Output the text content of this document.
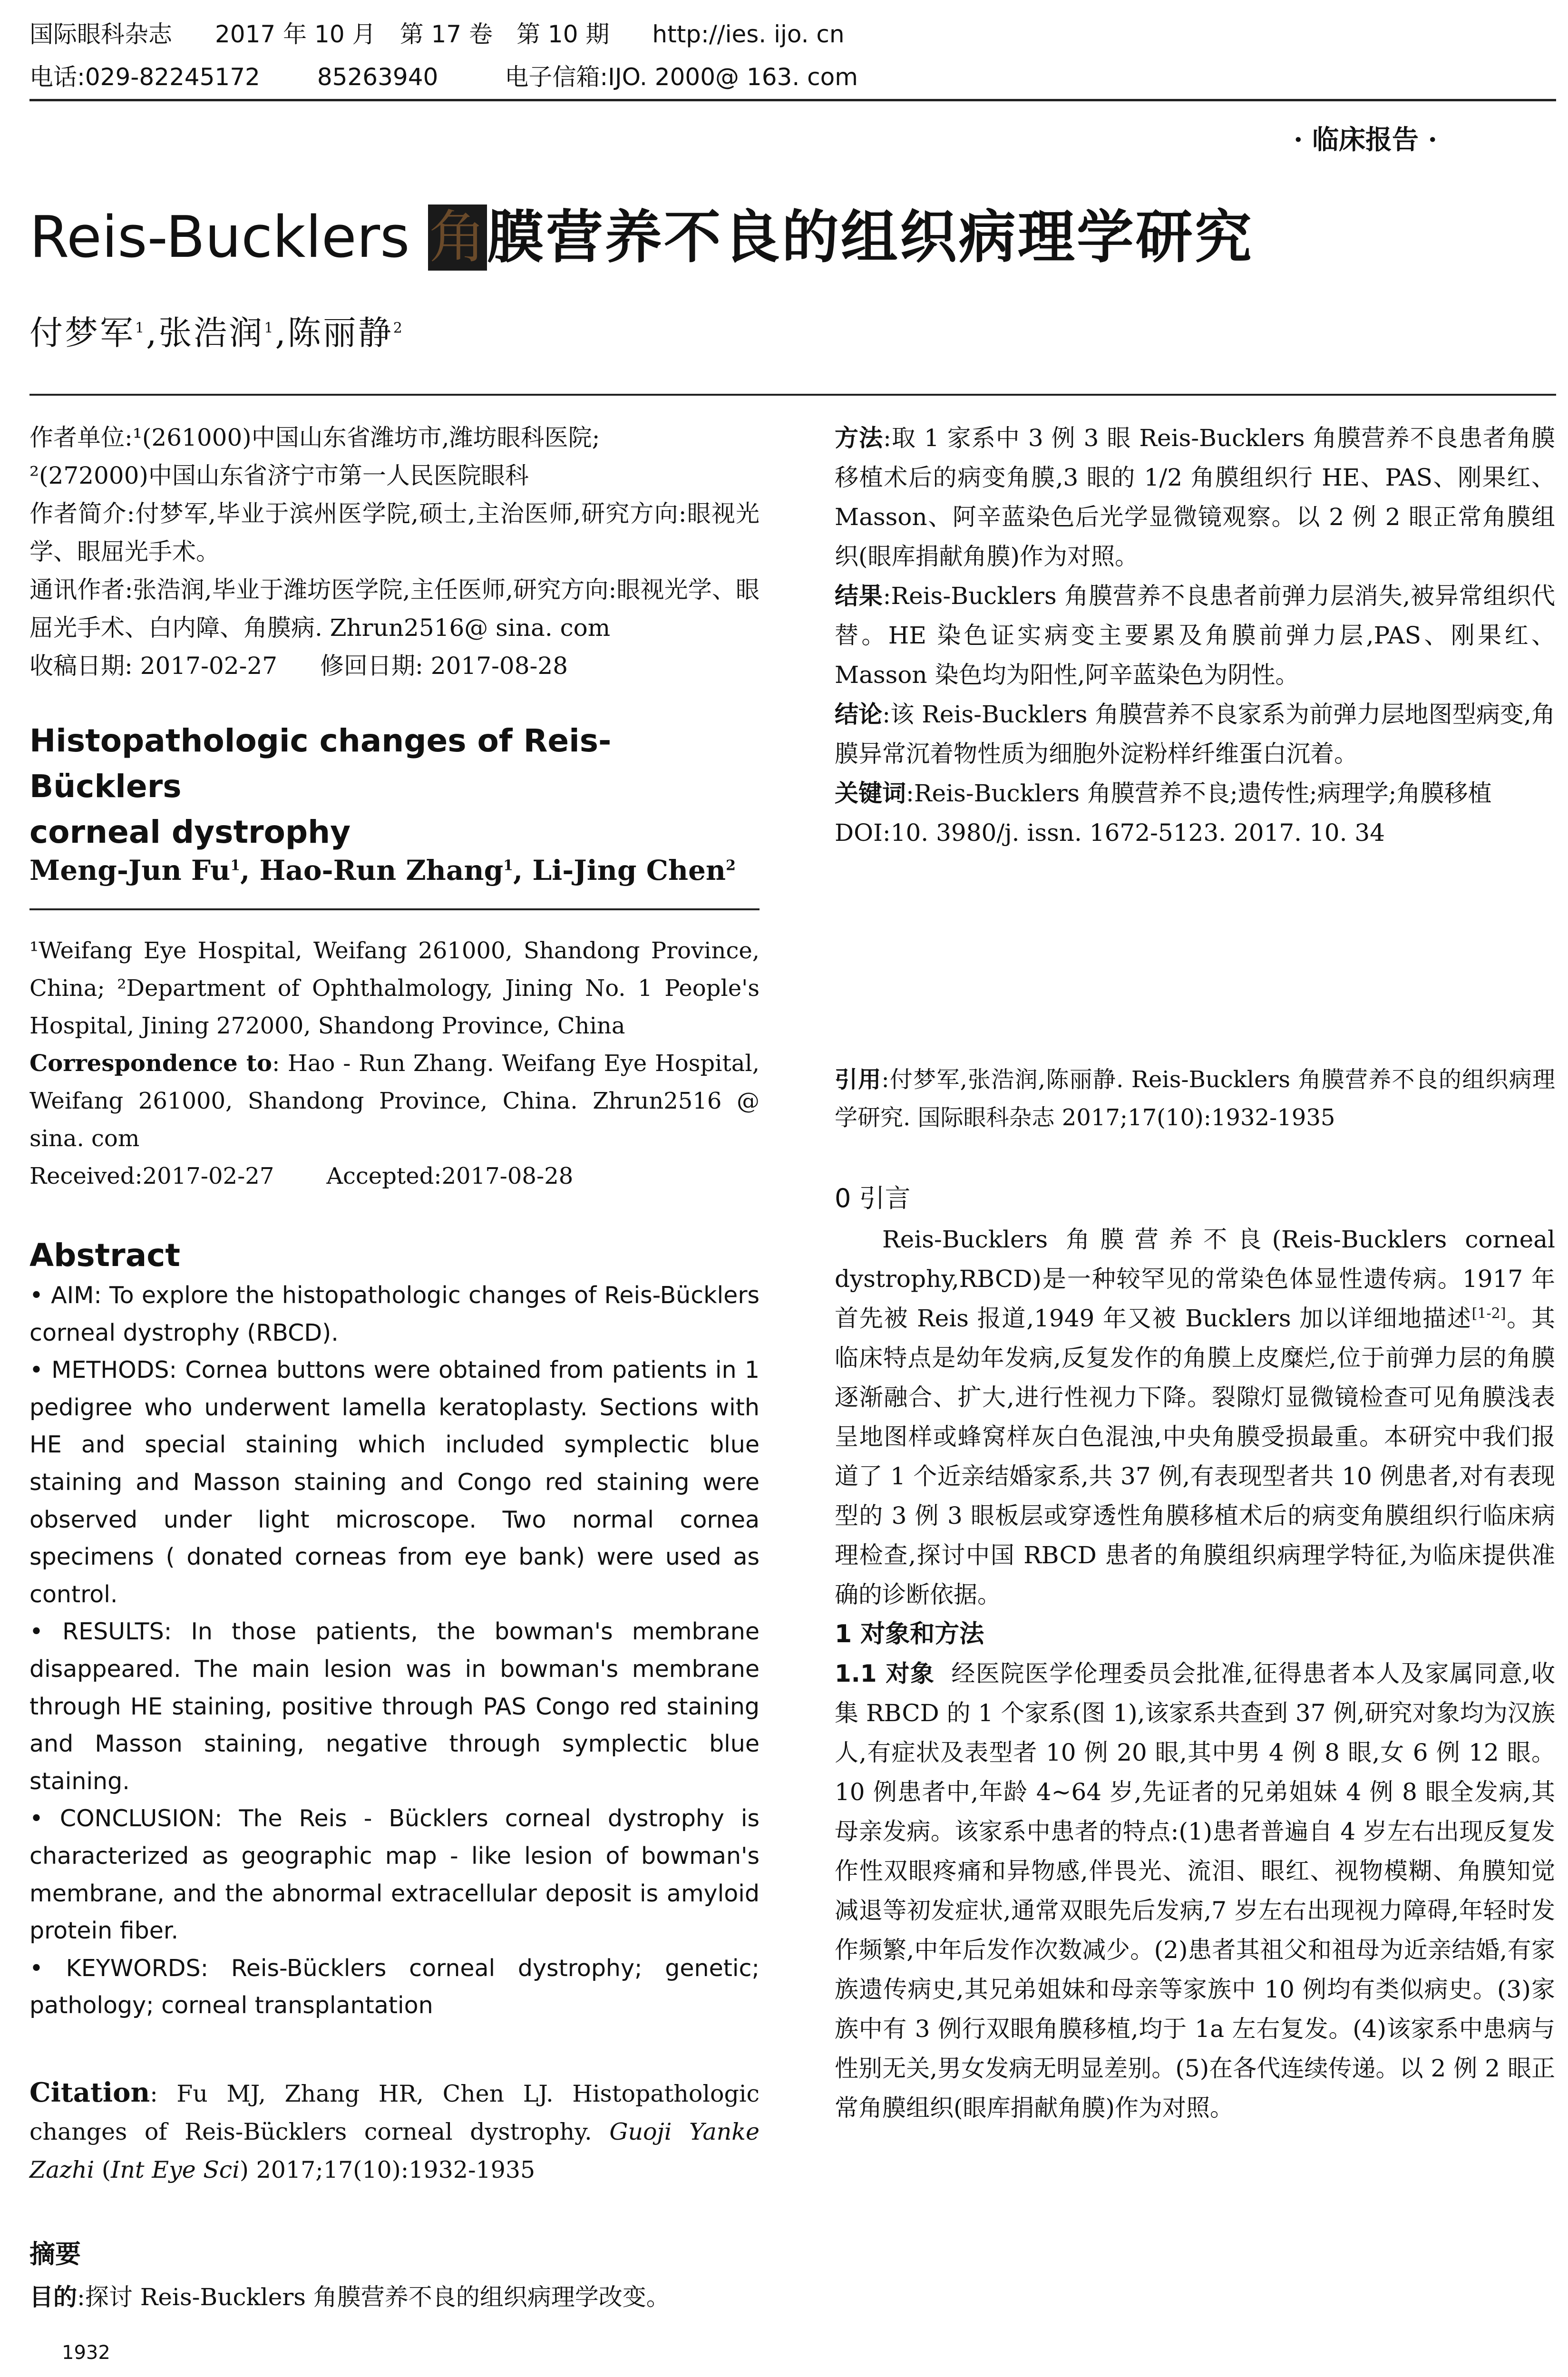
国际眼科杂志 2017 年 10 月 第 17 卷 第 10 期 http://ies. ijo. cn
电话:029-82245172 85263940	电子信箱:IJO. 2000@ 163. com
· 临床报告 ·
Reis-Bucklers 角膜营养不良的组织病理学研究
付梦军$^1$,张浩润$^1$,陈丽静$^2$

作者单位:¹(261000)中国山东省潍坊市,潍坊眼科医院;

²(272000)中国山东省济宁市第一人民医院眼科

作者简介:付梦军,毕业于滨州医学院,硕士,主治医师,研究方向:眼视光学、眼屈光手术。

通讯作者:张浩润,毕业于潍坊医学院,主任医师,研究方向:眼视光学、眼屈光手术、白内障、角膜病. Zhrun2516@ sina. com

收稿日期: 2017-02-27 修回日期: 2017-08-28

Histopathologic changes of Reis-Bücklers
corneal dystrophy
Meng-Jun Fu$^1$, Hao-Run Zhang$^1$, Li-Jing Chen$^2$

¹Weifang Eye Hospital, Weifang 261000, Shandong Province, China; ²Department of Ophthalmology, Jining No. 1 People's Hospital, Jining 272000, Shandong Province, China

Correspondence to: Hao - Run Zhang. Weifang Eye Hospital, Weifang 261000, Shandong Province, China. Zhrun2516 @ sina. com

Received:2017-02-27 Accepted:2017-08-28

Abstract

• AIM: To explore the histopathologic changes of Reis-Bücklers corneal dystrophy (RBCD).

• METHODS: Cornea buttons were obtained from patients in 1 pedigree who underwent lamella keratoplasty. Sections with HE and special staining which included symplectic blue staining and Masson staining and Congo red staining were observed under light microscope. Two normal cornea specimens ( donated corneas from eye bank) were used as control.

• RESULTS: In those patients, the bowman's membrane disappeared. The main lesion was in bowman's membrane through HE staining, positive through PAS Congo red staining and Masson staining, negative through symplectic blue staining.

• CONCLUSION: The Reis - Bücklers corneal dystrophy is characterized as geographic map - like lesion of bowman's membrane, and the abnormal extracellular deposit is amyloid protein fiber.

• KEYWORDS: Reis-Bücklers corneal dystrophy; genetic; pathology; corneal transplantation

Citation: Fu MJ, Zhang HR, Chen LJ. Histopathologic changes of Reis-Bücklers corneal dystrophy. Guoji Yanke Zazhi (Int Eye Sci) 2017;17(10):1932-1935

摘要
目的:探讨 Reis-Bucklers 角膜营养不良的组织病理学改变。
1932

方法:取 1 家系中 3 例 3 眼 Reis-Bucklers 角膜营养不良患者角膜移植术后的病变角膜,3 眼的 1/2 角膜组织行 HE、PAS、刚果红、Masson、阿辛蓝染色后光学显微镜观察。以 2 例 2 眼正常角膜组织(眼库捐献角膜)作为对照。

结果:Reis-Bucklers 角膜营养不良患者前弹力层消失,被异常组织代替。HE 染色证实病变主要累及角膜前弹力层,PAS、刚果红、Masson 染色均为阳性,阿辛蓝染色为阴性。

结论:该 Reis-Bucklers 角膜营养不良家系为前弹力层地图型病变,角膜异常沉着物性质为细胞外淀粉样纤维蛋白沉着。

关键词:Reis-Bucklers 角膜营养不良;遗传性;病理学;角膜移植

DOI:10. 3980/j. issn. 1672-5123. 2017. 10. 34

引用:付梦军,张浩润,陈丽静. Reis-Bucklers 角膜营养不良的组织病理学研究. 国际眼科杂志 2017;17(10):1932-1935

0 引言

Reis-Bucklers 角膜营养不良(Reis-Bucklers corneal dystrophy,RBCD)是一种较罕见的常染色体显性遗传病。1917 年首先被 Reis 报道,1949 年又被 Bucklers 加以详细地描述[1-2]。其临床特点是幼年发病,反复发作的角膜上皮糜烂,位于前弹力层的角膜逐渐融合、扩大,进行性视力下降。裂隙灯显微镜检查可见角膜浅表呈地图样或蜂窝样灰白色混浊,中央角膜受损最重。本研究中我们报道了 1 个近亲结婚家系,共 37 例,有表现型者共 10 例患者,对有表现型的 3 例 3 眼板层或穿透性角膜移植术后的病变角膜组织行临床病理检查,探讨中国 RBCD 患者的角膜组织病理学特征,为临床提供准确的诊断依据。

1 对象和方法

1.1 对象 经医院医学伦理委员会批准,征得患者本人及家属同意,收集 RBCD 的 1 个家系(图 1),该家系共查到 37 例,研究对象均为汉族人,有症状及表型者 10 例 20 眼,其中男 4 例 8 眼,女 6 例 12 眼。10 例患者中,年龄 4~64 岁,先证者的兄弟姐妹 4 例 8 眼全发病,其母亲发病。该家系中患者的特点:(1)患者普遍自 4 岁左右出现反复发作性双眼疼痛和异物感,伴畏光、流泪、眼红、视物模糊、角膜知觉减退等初发症状,通常双眼先后发病,7 岁左右出现视力障碍,年轻时发作频繁,中年后发作次数减少。(2)患者其祖父和祖母为近亲结婚,有家族遗传病史,其兄弟姐妹和母亲等家族中 10 例均有类似病史。(3)家族中有 3 例行双眼角膜移植,均于 1a 左右复发。(4)该家系中患病与性别无关,男女发病无明显差别。(5)在各代连续传递。以 2 例 2 眼正常角膜组织(眼库捐献角膜)作为对照。
